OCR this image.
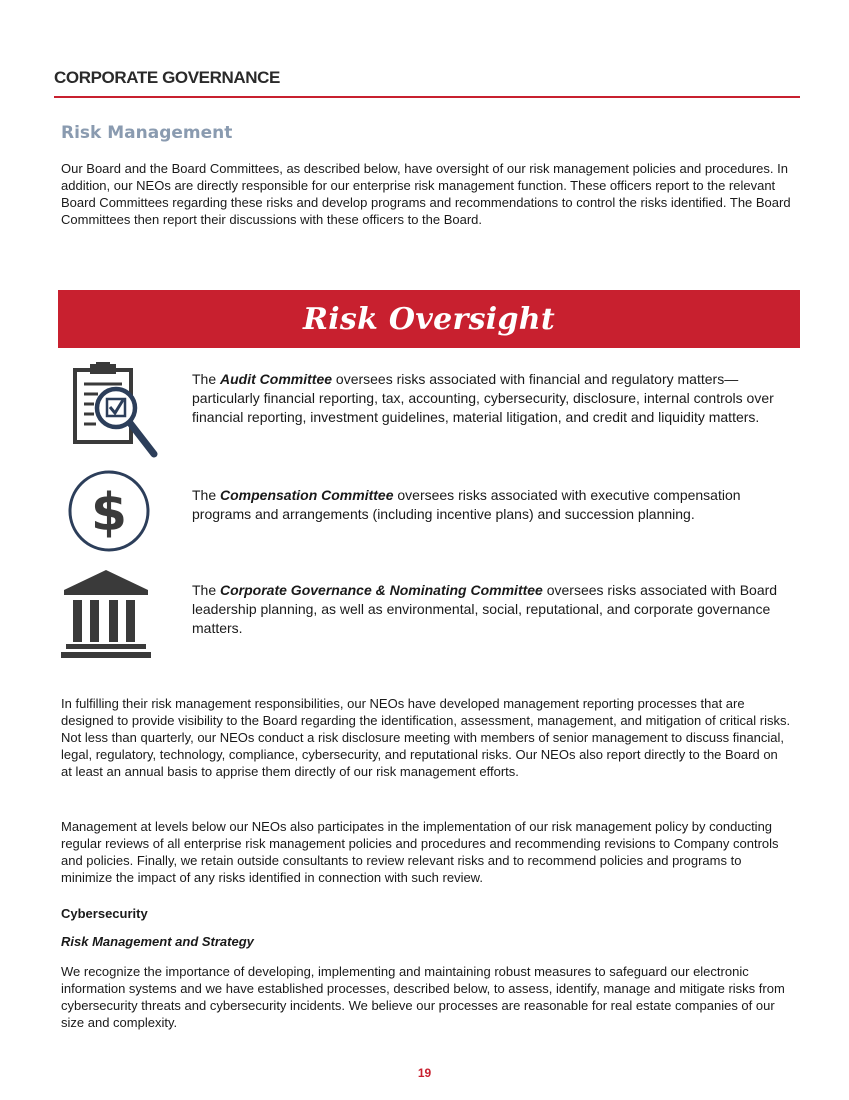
CORPORATE GOVERNANCE
Risk Management

Our Board and the Board Committees, as described below, have oversight of our risk management policies and procedures. In addition, our NEOs are directly responsible for our enterprise risk management function. These officers report to the relevant Board Committees regarding these risks and develop programs and recommendations to control the risks identified. The Board Committees then report their discussions with these officers to the Board.

Risk Oversight

The Audit Committee oversees risks associated with financial and regulatory matters—particularly financial reporting, tax, accounting, cybersecurity, disclosure, internal controls over financial reporting, investment guidelines, material litigation, and credit and liquidity matters.

$	The Compensation Committee oversees risks associated with executive compensation programs and arrangements (including incentive plans) and succession planning.

The Corporate Governance & Nominating Committee oversees risks associated with Board leadership planning, as well as environmental, social, reputational, and corporate governance matters.

In fulfilling their risk management responsibilities, our NEOs have developed management reporting processes that are designed to provide visibility to the Board regarding the identification, assessment, management, and mitigation of critical risks. Not less than quarterly, our NEOs conduct a risk disclosure meeting with members of senior management to discuss financial, legal, regulatory, technology, compliance, cybersecurity, and reputational risks. Our NEOs also report directly to the Board on at least an annual basis to apprise them directly of our risk management efforts.

Management at levels below our NEOs also participates in the implementation of our risk management policy by conducting regular reviews of all enterprise risk management policies and procedures and recommending revisions to Company controls and policies. Finally, we retain outside consultants to review relevant risks and to recommend policies and programs to minimize the impact of any risks identified in connection with such review.

Cybersecurity
Risk Management and Strategy

We recognize the importance of developing, implementing and maintaining robust measures to safeguard our electronic information systems and we have established processes, described below, to assess, identify, manage and mitigate risks from cybersecurity threats and cybersecurity incidents. We believe our processes are reasonable for real estate companies of our size and complexity.

19
